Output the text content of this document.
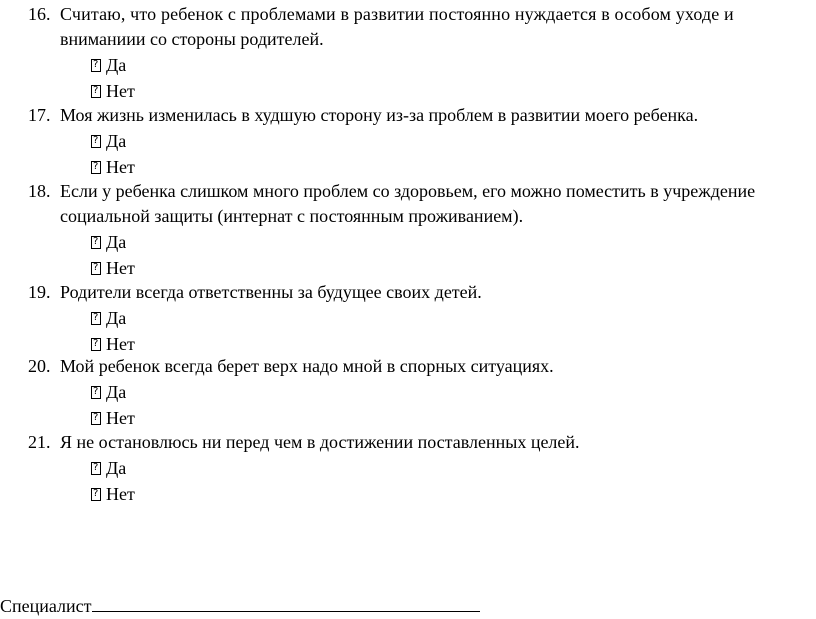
16. Считаю, что ребенок с проблемами в развитии постоянно нуждается в особом уходе и
вниманиии со стороны родителей.
?Да
?Нет
17. Моя жизнь изменилась в худшую сторону из-за проблем в развитии моего ребенка.
?Да
?Нет
18. Если у ребенка слишком много проблем со здоровьем, его можно поместить в учреждение
социальной защиты (интернат с постоянным проживанием).
?Да
?Нет
19. Родители всегда ответственны за будущее своих детей.
?Да
?Нет
20. Мой ребенок всегда берет верх надо мной в спорных ситуациях.
?Да
?Нет
21. Я не остановлюсь ни перед чем в достижении поставленных целей.
?Да
?Нет
Специалист
